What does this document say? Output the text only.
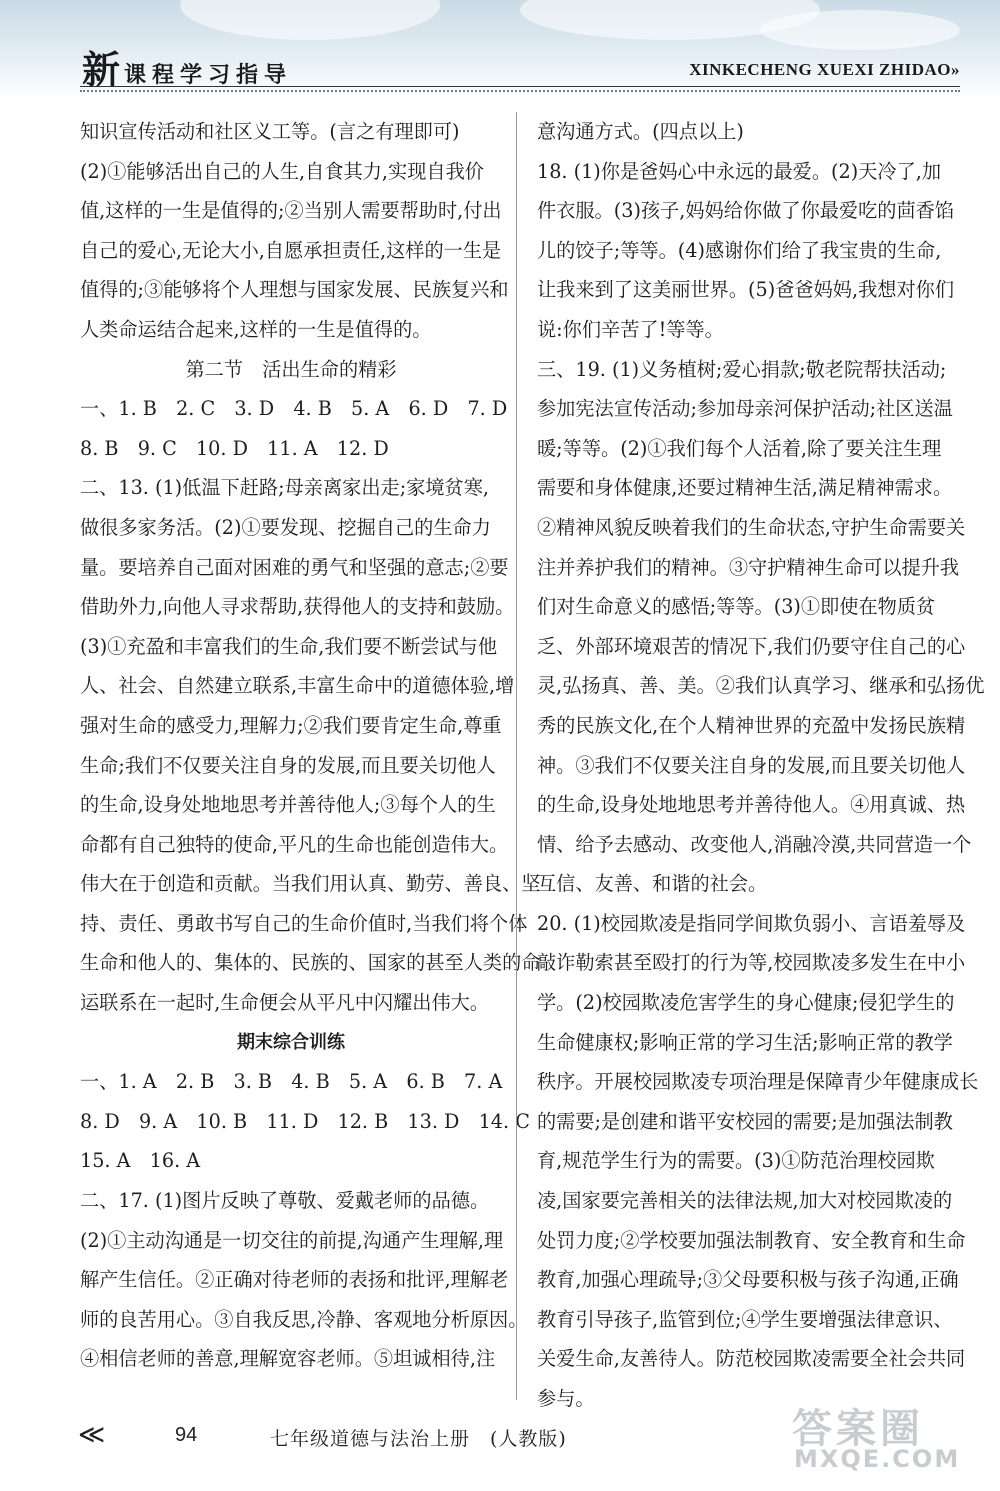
新 课程学习指导	XINKECHENG XUEXI ZHIDAO»
知识宣传活动和社区义工等。(言之有理即可)
(2)①能够活出自己的人生,自食其力,实现自我价
值,这样的一生是值得的;②当别人需要帮助时,付出
自己的爱心,无论大小,自愿承担责任,这样的一生是
值得的;③能够将个人理想与国家发展、民族复兴和
人类命运结合起来,这样的一生是值得的。
第二节　活出生命的精彩
一、1. B　2. C　3. D　4. B　5. A　6. D　7. D
8. B　9. C　10. D　11. A　12. D
二、13. (1)低温下赶路;母亲离家出走;家境贫寒,
做很多家务活。(2)①要发现、挖掘自己的生命力
量。要培养自己面对困难的勇气和坚强的意志;②要
借助外力,向他人寻求帮助,获得他人的支持和鼓励。
(3)①充盈和丰富我们的生命,我们要不断尝试与他
人、社会、自然建立联系,丰富生命中的道德体验,增
强对生命的感受力,理解力;②我们要肯定生命,尊重
生命;我们不仅要关注自身的发展,而且要关切他人
的生命,设身处地地思考并善待他人;③每个人的生
命都有自己独特的使命,平凡的生命也能创造伟大。
伟大在于创造和贡献。当我们用认真、勤劳、善良、坚
持、责任、勇敢书写自己的生命价值时,当我们将个体
生命和他人的、集体的、民族的、国家的甚至人类的命
运联系在一起时,生命便会从平凡中闪耀出伟大。
期末综合训练
一、1. A　2. B　3. B　4. B　5. A　6. B　7. A
8. D　9. A　10. B　11. D　12. B　13. D　14. C
15. A　16. A
二、17. (1)图片反映了尊敬、爱戴老师的品德。
(2)①主动沟通是一切交往的前提,沟通产生理解,理
解产生信任。②正确对待老师的表扬和批评,理解老
师的良苦用心。③自我反思,冷静、客观地分析原因。
④相信老师的善意,理解宽容老师。⑤坦诚相待,注
意沟通方式。(四点以上)
18. (1)你是爸妈心中永远的最爱。(2)天冷了,加
件衣服。(3)孩子,妈妈给你做了你最爱吃的茴香馅
儿的饺子;等等。(4)感谢你们给了我宝贵的生命,
让我来到了这美丽世界。(5)爸爸妈妈,我想对你们
说:你们辛苦了!等等。
三、19. (1)义务植树;爱心捐款;敬老院帮扶活动;
参加宪法宣传活动;参加母亲河保护活动;社区送温
暖;等等。(2)①我们每个人活着,除了要关注生理
需要和身体健康,还要过精神生活,满足精神需求。
②精神风貌反映着我们的生命状态,守护生命需要关
注并养护我们的精神。③守护精神生命可以提升我
们对生命意义的感悟;等等。(3)①即使在物质贫
乏、外部环境艰苦的情况下,我们仍要守住自己的心
灵,弘扬真、善、美。②我们认真学习、继承和弘扬优
秀的民族文化,在个人精神世界的充盈中发扬民族精
神。③我们不仅要关注自身的发展,而且要关切他人
的生命,设身处地地思考并善待他人。④用真诚、热
情、给予去感动、改变他人,消融冷漠,共同营造一个
互信、友善、和谐的社会。
20. (1)校园欺凌是指同学间欺负弱小、言语羞辱及
敲诈勒索甚至殴打的行为等,校园欺凌多发生在中小
学。(2)校园欺凌危害学生的身心健康;侵犯学生的
生命健康权;影响正常的学习生活;影响正常的教学
秩序。开展校园欺凌专项治理是保障青少年健康成长
的需要;是创建和谐平安校园的需要;是加强法制教
育,规范学生行为的需要。(3)①防范治理校园欺
凌,国家要完善相关的法律法规,加大对校园欺凌的
处罚力度;②学校要加强法制教育、安全教育和生命
教育,加强心理疏导;③父母要积极与孩子沟通,正确
教育引导孩子,监管到位;④学生要增强法律意识、
关爱生命,友善待人。防范校园欺凌需要全社会共同
参与。
≪	94	七年级道德与法治上册　(人教版)	答案圈
MXQE.COM
